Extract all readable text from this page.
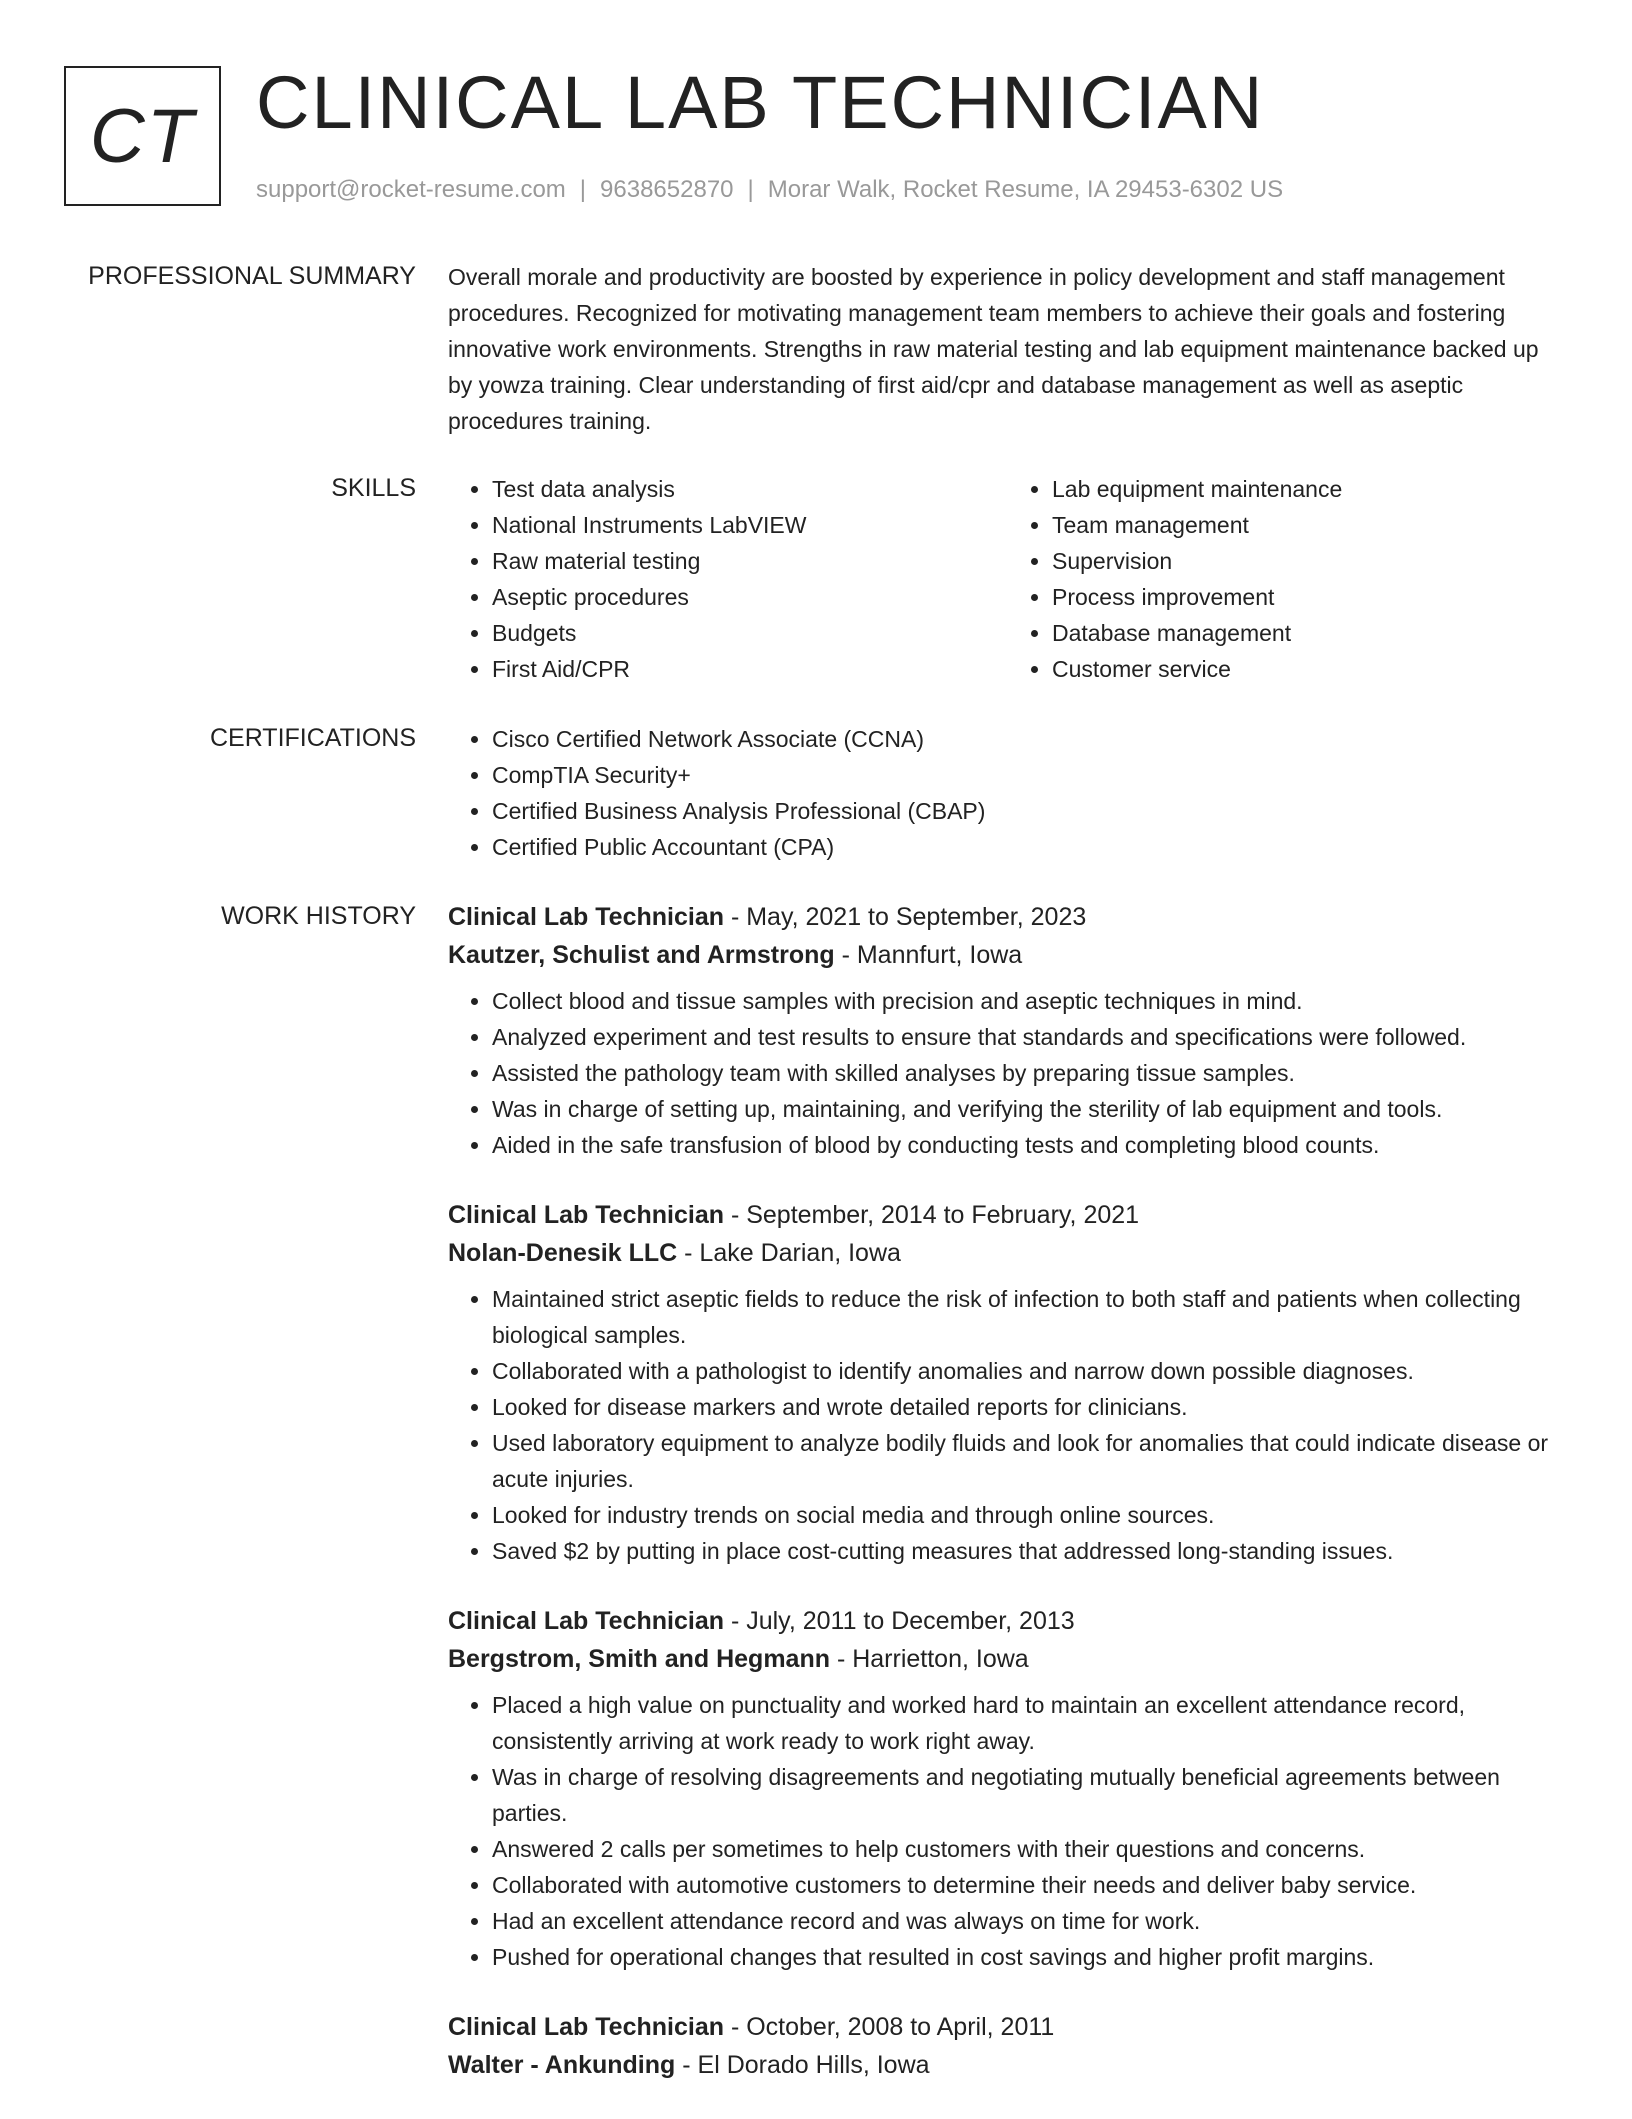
CT CLINICAL LAB TECHNICIAN
support@rocket-resume.com | 9638652870 | Morar Walk, Rocket Resume, IA 29453-6302 US
PROFESSIONAL SUMMARY Overall morale and productivity are boosted by experience in policy development and staff management procedures. Recognized for motivating management team members to achieve their goals and fostering innovative work environments. Strengths in raw material testing and lab equipment maintenance backed up by yowza training. Clear understanding of first aid/cpr and database management as well as aseptic procedures training.
SKILLS	• Test data analysis
• National Instruments LabVIEW
• Raw material testing
• Aseptic procedures
• Budgets
• First Aid/CPR
• Lab equipment maintenance
• Team management
• Supervision
• Process improvement
• Database management
• Customer service
CERTIFICATIONS	• Cisco Certified Network Associate (CCNA)
• CompTIA Security+
• Certified Business Analysis Professional (CBAP)
• Certified Public Accountant (CPA)
WORK HISTORY Clinical Lab Technician - May, 2021 to September, 2023

Kautzer, Schulist and Armstrong - Mannfurt, Iowa

• Collect blood and tissue samples with precision and aseptic techniques in mind.
• Analyzed experiment and test results to ensure that standards and specifications were followed.
• Assisted the pathology team with skilled analyses by preparing tissue samples.
• Was in charge of setting up, maintaining, and verifying the sterility of lab equipment and tools.
• Aided in the safe transfusion of blood by conducting tests and completing blood counts.

Clinical Lab Technician - September, 2014 to February, 2021

Nolan-Denesik LLC - Lake Darian, Iowa

• Maintained strict aseptic fields to reduce the risk of infection to both staff and patients when collecting biological samples.
• Collaborated with a pathologist to identify anomalies and narrow down possible diagnoses.
• Looked for disease markers and wrote detailed reports for clinicians.
• Used laboratory equipment to analyze bodily fluids and look for anomalies that could indicate disease or acute injuries.
• Looked for industry trends on social media and through online sources.
• Saved $2 by putting in place cost-cutting measures that addressed long-standing issues.

Clinical Lab Technician - July, 2011 to December, 2013

Bergstrom, Smith and Hegmann - Harrietton, Iowa

• Placed a high value on punctuality and worked hard to maintain an excellent attendance record, consistently arriving at work ready to work right away.
• Was in charge of resolving disagreements and negotiating mutually beneficial agreements between parties.
• Answered 2 calls per sometimes to help customers with their questions and concerns.
• Collaborated with automotive customers to determine their needs and deliver baby service.
• Had an excellent attendance record and was always on time for work.
• Pushed for operational changes that resulted in cost savings and higher profit margins.

Clinical Lab Technician - October, 2008 to April, 2011

Walter - Ankunding - El Dorado Hills, Iowa
